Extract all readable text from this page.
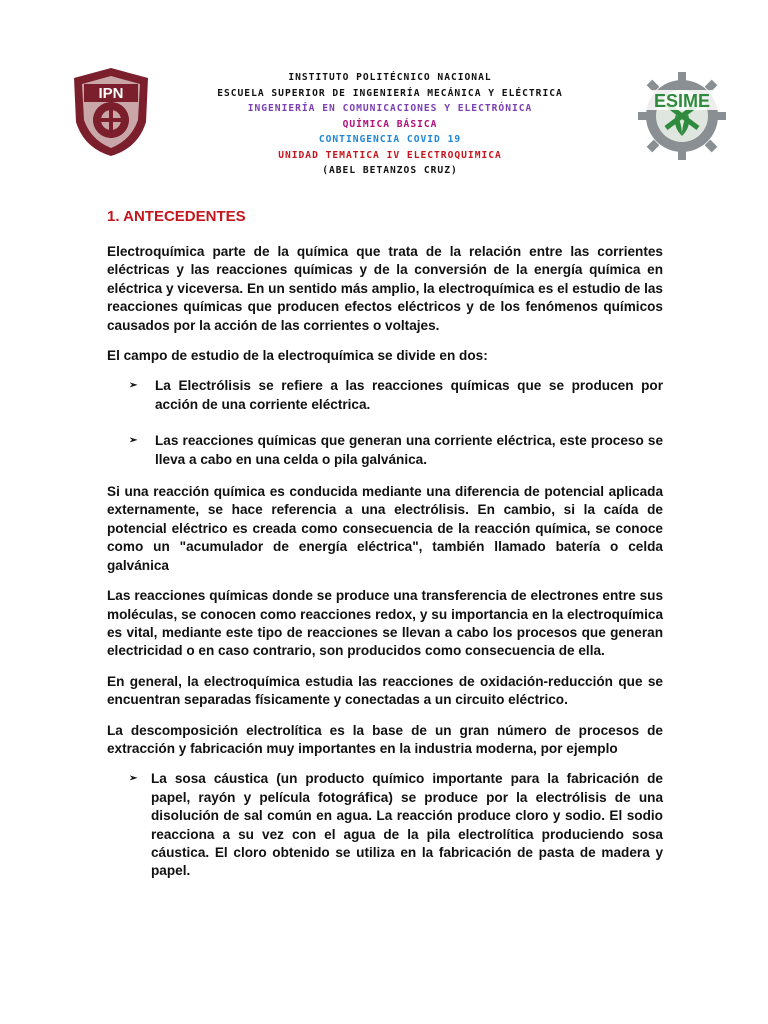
IPN
INSTITUTO POLITÉCNICO NACIONAL
ESCUELA SUPERIOR DE INGENIERÍA MECÁNICA Y ELÉCTRICA
INGENIERÍA EN COMUNICACIONES Y ELECTRÓNICA
QUÍMICA BÁSICA
CONTINGENCIA COVID 19
UNIDAD TEMATICA IV ELECTROQUIMICA
(ABEL BETANZOS CRUZ)
ESIME
1. ANTECEDENTES

Electroquímica parte de la química que trata de la relación entre las corrientes eléctricas y las reacciones químicas y de la conversión de la energía química en eléctrica y viceversa. En un sentido más amplio, la electroquímica es el estudio de las reacciones químicas que producen efectos eléctricos y de los fenómenos químicos causados por la acción de las corrientes o voltajes.

El campo de estudio de la electroquímica se divide en dos:

➢ La Electrólisis se refiere a las reacciones químicas que se producen por acción de una corriente eléctrica.
➢ Las reacciones químicas que generan una corriente eléctrica, este proceso se lleva a cabo en una celda o pila galvánica.

Si una reacción química es conducida mediante una diferencia de potencial aplicada externamente, se hace referencia a una electrólisis. En cambio, si la caída de potencial eléctrico es creada como consecuencia de la reacción química, se conoce como un "acumulador de energía eléctrica", también llamado batería o celda galvánica

Las reacciones químicas donde se produce una transferencia de electrones entre sus moléculas, se conocen como reacciones redox, y su importancia en la electroquímica es vital, mediante este tipo de reacciones se llevan a cabo los procesos que generan electricidad o en caso contrario, son producidos como consecuencia de ella.

En general, la electroquímica estudia las reacciones de oxidación-reducción que se encuentran separadas físicamente y conectadas a un circuito eléctrico.

La descomposición electrolítica es la base de un gran número de procesos de extracción y fabricación muy importantes en la industria moderna, por ejemplo

➢ La sosa cáustica (un producto químico importante para la fabricación de papel, rayón y película fotográfica) se produce por la electrólisis de una disolución de sal común en agua. La reacción produce cloro y sodio. El sodio reacciona a su vez con el agua de la pila electrolítica produciendo sosa cáustica. El cloro obtenido se utiliza en la fabricación de pasta de madera y papel.
